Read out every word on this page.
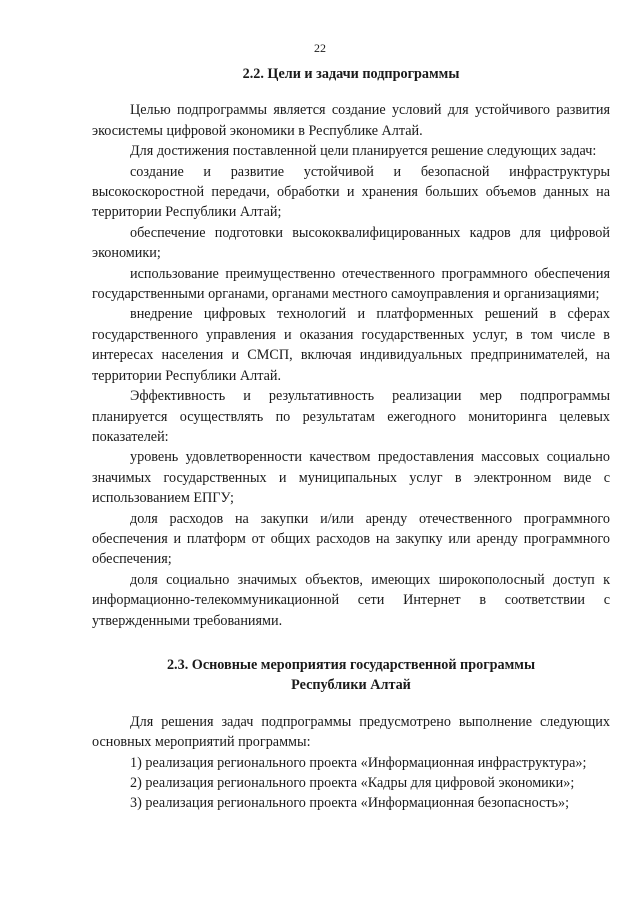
22
2.2. Цели и задачи подпрограммы

Целью подпрограммы является создание условий для устойчивого развития экосистемы цифровой экономики в Республике Алтай.

Для достижения поставленной цели планируется решение следующих задач:

создание и развитие устойчивой и безопасной инфраструктуры высокоскоростной передачи, обработки и хранения больших объемов данных на территории Республики Алтай;

обеспечение подготовки высококвалифицированных кадров для цифровой экономики;

использование преимущественно отечественного программного обеспечения государственными органами, органами местного самоуправления и организациями;

внедрение цифровых технологий и платформенных решений в сферах государственного управления и оказания государственных услуг, в том числе в интересах населения и СМСП, включая индивидуальных предпринимателей, на территории Республики Алтай.

Эффективность и результативность реализации мер подпрограммы планируется осуществлять по результатам ежегодного мониторинга целевых показателей:

уровень удовлетворенности качеством предоставления массовых социально значимых государственных и муниципальных услуг в электронном виде с использованием ЕПГУ;

доля расходов на закупки и/или аренду отечественного программного обеспечения и платформ от общих расходов на закупку или аренду программного обеспечения;

доля социально значимых объектов, имеющих широкополосный доступ к информационно-телекоммуникационной сети Интернет в соответствии с утвержденными требованиями.

2.3. Основные мероприятия государственной программы
Республики Алтай

Для решения задач подпрограммы предусмотрено выполнение следующих основных мероприятий программы:

1) реализация регионального проекта «Информационная инфраструктура»;

2) реализация регионального проекта «Кадры для цифровой экономики»;

3) реализация регионального проекта «Информационная безопасность»;
